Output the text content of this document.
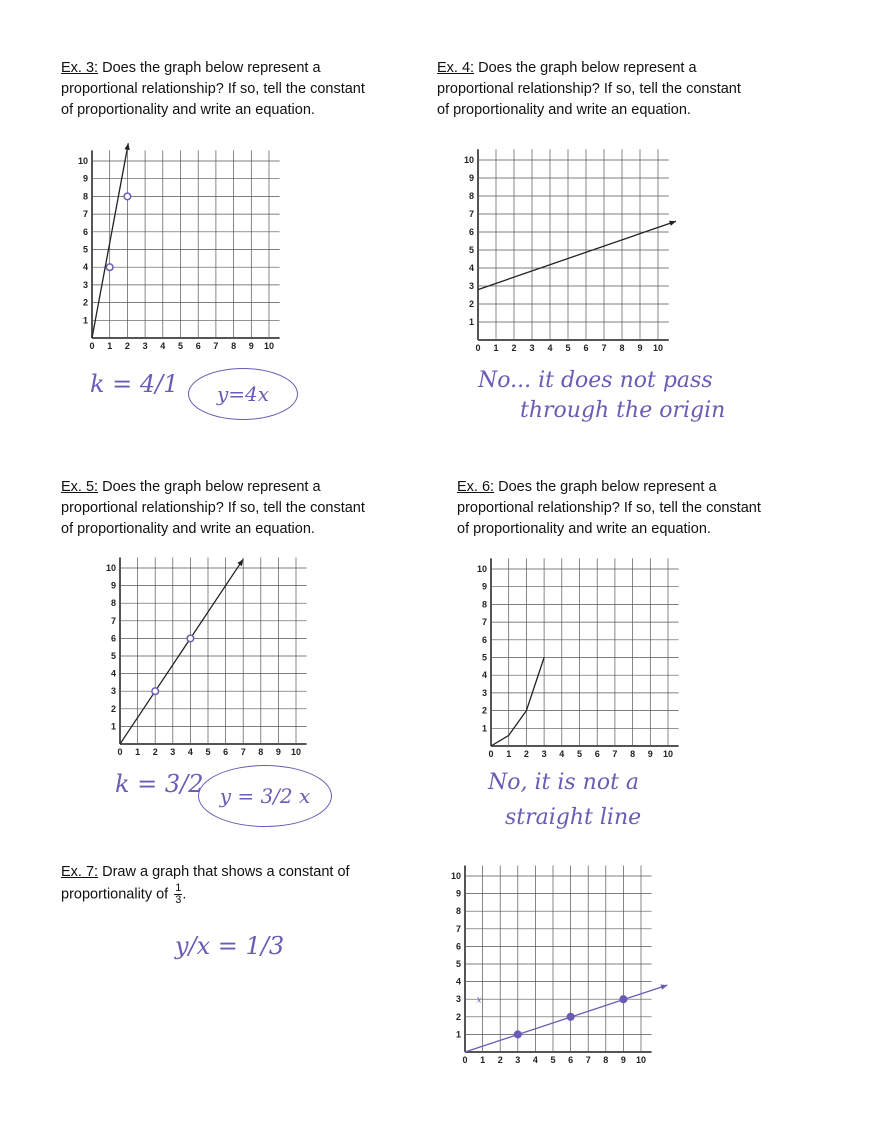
Ex. 3: Does the graph below represent a
proportional relationship? If so, tell the constant
of proportionality and write an equation.
0 1 2 3 4 5 6 7 8 9 10
1
2
3
4
5
6
7
8
9
10
k = 4/1	y=4x
Ex. 4: Does the graph below represent a
proportional relationship? If so, tell the constant
of proportionality and write an equation.
0 1 2 3 4 5 6 7 8 9 10
1
2
3
4
5
6
7
8
9
10
No... it does not pass
through the origin
Ex. 5: Does the graph below represent a
proportional relationship? If so, tell the constant
of proportionality and write an equation.
0 1 2 3 4 5 6 7 8 9 10
1
2
3
4
5
6
7
8
9
10
k = 3/2 y = 3/2 x
Ex. 6: Does the graph below represent a
proportional relationship? If so, tell the constant
of proportionality and write an equation.
0 1 2 3 4 5 6 7 8 9 10
1
2
3
4
5
6
7
8
9
10
No, it is not a
straight line
Ex. 7: Draw a graph that shows a constant of
proportionality of $\frac{1}{3}$ .
y/x = 1/3
0 1 2 3 4 5 6 7 8 9 10
1
2
3
4
5
6
7
8
9
10
x
